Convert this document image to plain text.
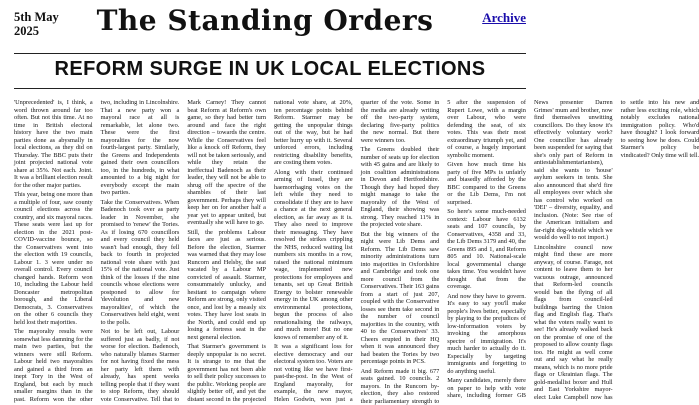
5th May 2025	The Standing Orders	Archive
REFORM SURGE IN UK LOCAL ELECTIONS

'Unprecedented' is, I think, a word thrown around far too often. But not this time. At no time in British electoral history have the two main parties done as abysmally in local elections, as they did on Thursday. The BBC puts their joint projected national vote share at 35%. Not each. Joint. It was a brilliant election result for the other major parties.

This year, being one more than a multiple of four, saw county council elections across the country, and six mayoral races. These seats were last up for election in the 2021 post-COVID-vaccine bounce, so the Conservatives went into the election with 19 councils, Labour 1. 3 were under no overall control. Every council changed hands. Reform won 10, including the Labour held Doncaster metropolitan borough, and the Liberal Democrats, 3. Conservatives on the other 6 councils they held lost their majorities.

The mayoralty results were somewhat less damning for the main two parties, but the winners were still Reform. Labour held two mayoralties and gained a third from an inept Tory in the West of England, but each by much smaller margins than in the past. Reform won the other two, including in Lincolnshire. That a new party won a mayoral race at all is remarkable, let alone two. These were the first mayoralties for the now fourth-largest party. Similarly, the Greens and Independents gained their own councillors too, in the hundreds, in what amounted to a big night for everybody except the main two parties.

Take the Conservatives. When Badenoch took over as party leader in November, she promised to 'renew' the Tories. As if losing 670 councillors and every council they held wasn't bad enough, they fell back to fourth in projected national vote share with just 15% of the national vote. Just think of the losses if the nine councils whose elections were postponed to allow for 'devolution and new mayoralties', of which the Conservatives held eight, went to the polls.

Not to be left out, Labour suffered just as badly, if not worse for election. Badenoch, who naturally blames Starmer for not having fixed the mess her party left them with already, has spent weeks telling people that if they want to stop Reform, they should vote Conservative. Tell that to Mark Carney! They cannot beat Reform at Reform's own game, so they had better turn around and face the right direction – towards the centre. While the Conservatives feel like a knock off Reform, they will not be taken seriously, and while they retain the ineffectual Badenoch as their leader, they will not be able to shrug off the spectre of the shambles of their last government. Perhaps they will keep her on for another half a year yet to appear united, but eventually she will have to go.

Still, the problems Labour faces are just as serious. Before the election, Starmer was warned that they may lose Runcorn and Helsby, the seat vacated by a Labour MP convicted of assault. Starmer, consummately unlucky, and hesitant to campaign where Reform are strong, only visited once, and lost by a measly six votes. They have lost seats in the North, and could end up losing a fortress seat in the next general election.

That Starmer's government is deeply unpopular is no secret. It is strange to me that the government has not been able to sell their policy successes to the public. Working people are slightly better off, and yet the distant second in the projected national vote share, at 20%, ten percentage points behind Reform. Starmer may be getting the unpopular things out of the way, but he had better hurry up with it. Several unforced errors, including restricting disability benefits, are costing them votes.

Along with their continued arming of Israel, they are haemorrhaging votes on the left while they need to consolidate if they are to have a chance at the next general election, as far away as it is. They also need to improve their messaging. They have resolved the strikes crippling the NHS, reduced waiting list numbers six months in a row, raised the national minimum wage, implemented new protections for employees and tenants, set up Great British Energy to bolster renewable energy in the UK among other environmental protections, begun the process of also renationalising the railways, and much more! But no one knows of remember any of it.

It was a significant loss for elective democracy and our electoral system too. Voters are not voting like we have first-past-the-post. In the West of England mayoralty, for example, the new mayor, Helen Godwin, won just a quarter of the vote. Some in the media are already writing off the two-party system, declaring five-party politics the new normal. But there were winners too.

The Greens doubled their number of seats up for election with 45 gains and are likely to join coalition administrations in Devon and Hertfordshire. Though they had hoped they might manage to take the mayoralty of the West of England, their showing was strong. They reached 11% in the projected vote share.

But the big winners of the night were Lib Dems and Reform. The Lib Dems saw minority administrations turn into majorities in Oxfordshire and Cambridge and took one more council from the Conservatives. Their 163 gains from a start of just 207, coupled with the Conservative losses see them take second in the number of council majorities in the country, with 40 to the Conservatives' 33. Cheers erupted in their HQ when it was announced they had beaten the Tories by two percentage points in PCS.

And Reform made it big. 677 seats gained. 10 councils. 2 mayors. In the Runcorn by-election, they also restored their parliamentary strength to 5 after the suspension of Rupert Lowe, with a margin over Labour, who were defending the seat, of six votes. This was their most extraordinary triumph yet, and of course, a hugely important symbolic moment.

Given how much time his party of five MPs is unfairly and biasedly afforded by the BBC compared to the Greens or the Lib Dems, I'm not surprised.

So here's some much-needed context: Labour have 6132 seats and 107 councils, by Conservatives, 4358 and 33, the Lib Dems 3179 and 40, the Greens 895 and 1, and Reform 805 and 10. National-scale local governmental change takes time. You wouldn't have thought that from the coverage.

And now they have to govern. It's easy to say you'll make people's lives better, especially by playing to the prejudices of low-information voters by invoking the amorphous spectre of immigration. It's much harder to actually do it. Especially by targeting immigrants and forgetting to do anything useful.

Many candidates, merely there on paper to help with vote share, including former GB News presenter Darren Grimes' mum and brother, now find themselves unwitting councillors. Do they know it's effectively voluntary work? One councillor has already been suspended for saying that she's only part of Reform in antiestablishmentarianism), said she wants to 'house' asylum seekers in tents. She also announced that she'd fire all employees over which she has control who worked on 'DEI' – diversity, equality, and inclusion. (Note: See rise of the American initialism and far-right dog-whistle which we would do well to not import.)

Lincolnshire council now might find these are more anyway, of course. Farage, not content to leave them to her vacuous outrage, announced that Reform-led councils would ban the flying of all flags from council-led buildings barring the Union flag and English flag. That's what the voters really want to see! He's already walked back on the promise of one of the proposed to allow county flags too. He might as well come out and say what he really means, which is no more pride flags or Ukrainian flags. The gold-medallist boxer and Hull and East Yorkshire mayor-elect Luke Campbell now has to settle into his new and rather less exciting role, which notably excludes national immigration policy. Who'd have thought? I look forward to seeing how he does. Could Starmer's policy be vindicated? Only time will tell.
